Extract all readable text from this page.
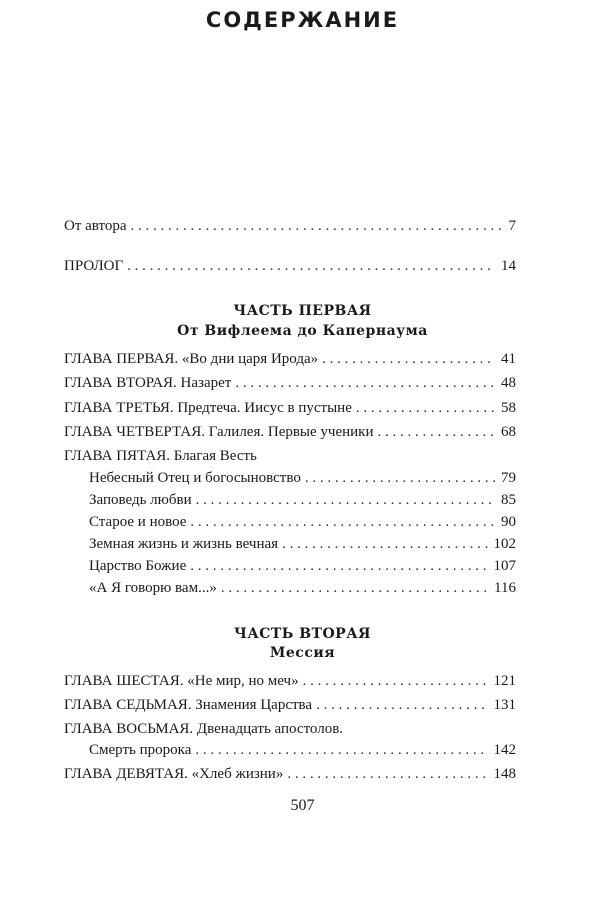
СОДЕРЖАНИЕ
От автора . . .	7
ПРОЛОГ . . .	14
ЧАСТЬ ПЕРВАЯ
От Вифлеема до Капернаума
ГЛАВА ПЕРВАЯ. «Во дни царя Ирода» . . .	41
ГЛАВА ВТОРАЯ. Назарет . . .	48
ГЛАВА ТРЕТЬЯ. Предтеча. Иисус в пустыне . . .	58
ГЛАВА ЧЕТВЕРТАЯ. Галилея. Первые ученики . . .	68
ГЛАВА ПЯТАЯ. Благая Весть
Небесный Отец и богосыновство . . .	79
Заповедь любви . . .	85
Старое и новое . . .	90
Земная жизнь и жизнь вечная . . .	102
Царство Божие . . .	107
«А Я говорю вам...» . . .	116
ЧАСТЬ ВТОРАЯ
Мессия
ГЛАВА ШЕСТАЯ. «Не мир, но меч» . . .	121
ГЛАВА СЕДЬМАЯ. Знамения Царства . . .	131
ГЛАВА ВОСЬМАЯ. Двенадцать апостолов.
Смерть пророка . . .	142
ГЛАВА ДЕВЯТАЯ. «Хлеб жизни» . . .	148
507
